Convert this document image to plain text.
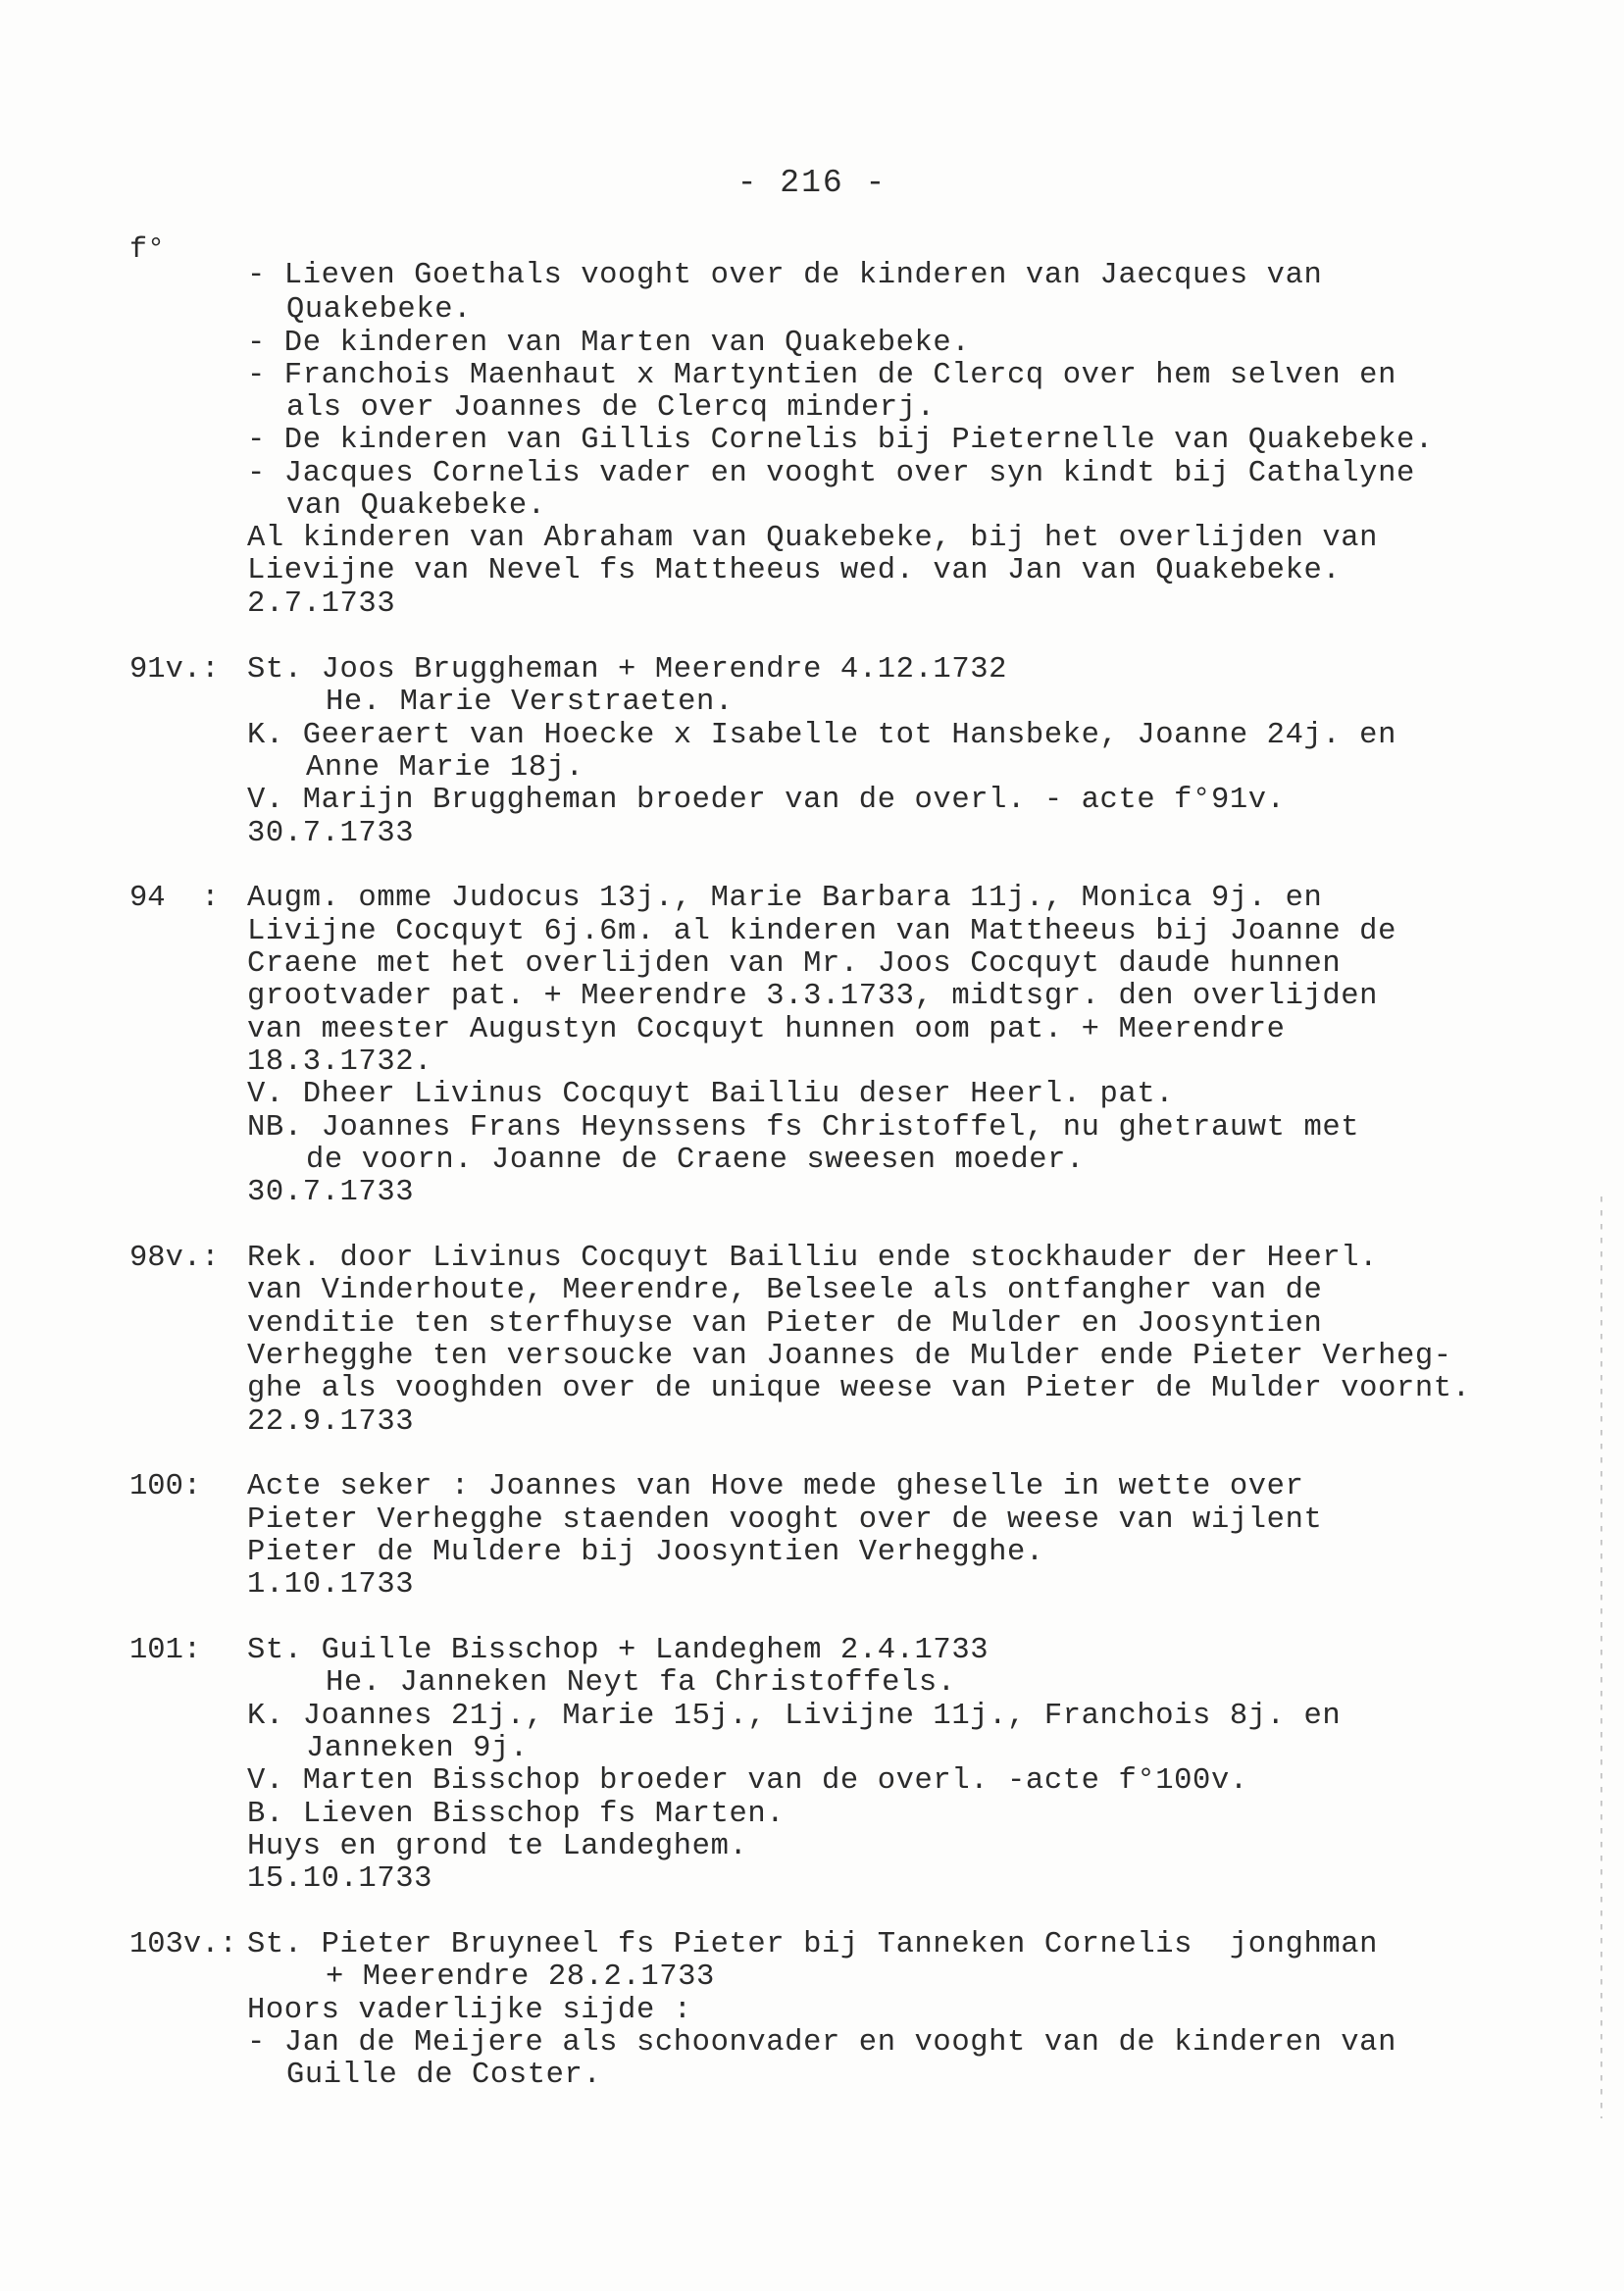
- 216 -
f°
- Lieven Goethals vooght over de kinderen van Jaecques van
Quakebeke.
- De kinderen van Marten van Quakebeke.
- Franchois Maenhaut x Martyntien de Clercq over hem selven en
als over Joannes de Clercq minderj.
- De kinderen van Gillis Cornelis bij Pieternelle van Quakebeke.
- Jacques Cornelis vader en vooght over syn kindt bij Cathalyne
van Quakebeke.
Al kinderen van Abraham van Quakebeke, bij het overlijden van
Lievijne van Nevel fs Mattheeus wed. van Jan van Quakebeke.
2.7.1733
91v.: St. Joos Bruggheman + Meerendre 4.12.1732
He. Marie Verstraeten.
K. Geeraert van Hoecke x Isabelle tot Hansbeke, Joanne 24j. en
Anne Marie 18j.
V. Marijn Bruggheman broeder van de overl. - acte f°91v.
30.7.1733
94  : Augm. omme Judocus 13j., Marie Barbara 11j., Monica 9j. en
Livijne Cocquyt 6j.6m. al kinderen van Mattheeus bij Joanne de
Craene met het overlijden van Mr. Joos Cocquyt daude hunnen
grootvader pat. + Meerendre 3.3.1733, midtsgr. den overlijden
van meester Augustyn Cocquyt hunnen oom pat. + Meerendre
18.3.1732.
V. Dheer Livinus Cocquyt Bailliu deser Heerl. pat.
NB. Joannes Frans Heynssens fs Christoffel, nu ghetrauwt met
de voorn. Joanne de Craene sweesen moeder.
30.7.1733
98v.: Rek. door Livinus Cocquyt Bailliu ende stockhauder der Heerl.
van Vinderhoute, Meerendre, Belseele als ontfangher van de
venditie ten sterfhuyse van Pieter de Mulder en Joosyntien
Verhegghe ten versoucke van Joannes de Mulder ende Pieter Verheg-
ghe als vooghden over de unique weese van Pieter de Mulder voornt.
22.9.1733
100: Acte seker : Joannes van Hove mede gheselle in wette over
Pieter Verhegghe staenden vooght over de weese van wijlent
Pieter de Muldere bij Joosyntien Verhegghe.
1.10.1733
101: St. Guille Bisschop + Landeghem 2.4.1733
He. Janneken Neyt fa Christoffels.
K. Joannes 21j., Marie 15j., Livijne 11j., Franchois 8j. en
Janneken 9j.
V. Marten Bisschop broeder van de overl. -acte f°100v.
B. Lieven Bisschop fs Marten.
Huys en grond te Landeghem.
15.10.1733
103v.: St. Pieter Bruyneel fs Pieter bij Tanneken Cornelis  jonghman
+ Meerendre 28.2.1733
Hoors vaderlijke sijde :
- Jan de Meijere als schoonvader en vooght van de kinderen van
Guille de Coster.
